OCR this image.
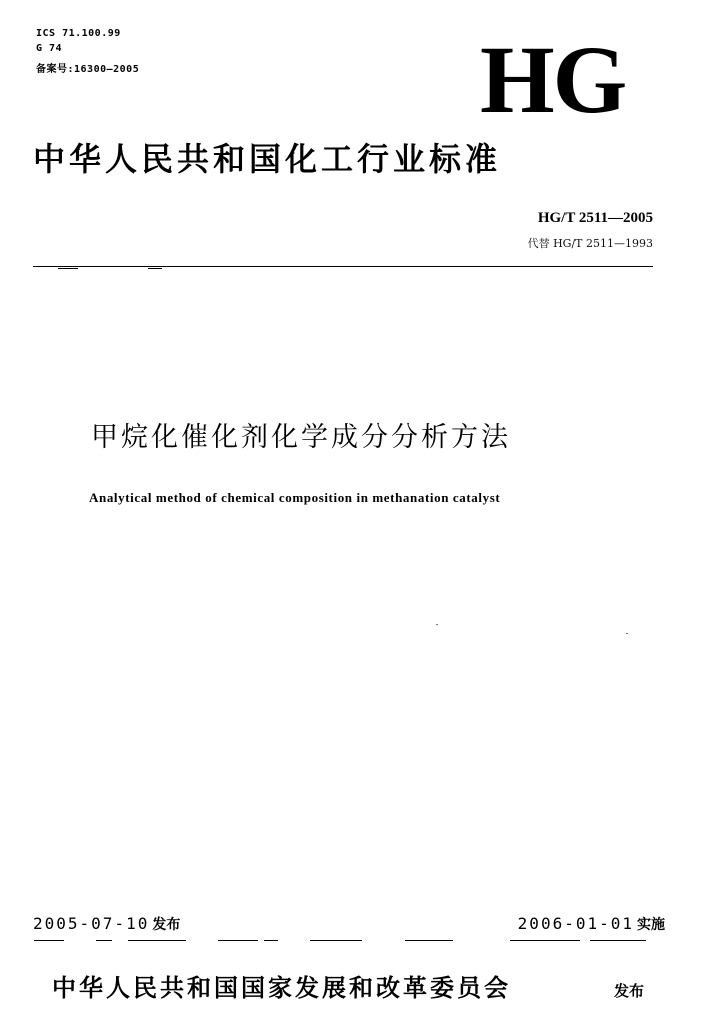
ICS 71.100.99
G 74
备案号:16300—2005	HG
中华人民共和国化工行业标准
HG/T 2511—2005
代替 HG/T 2511—1993
甲烷化催化剂化学成分分析方法
Analytical method of chemical composition in methanation catalyst
2005-07-10 发布	2006-01-01 实施
中华人民共和国国家发展和改革委员会	发布
